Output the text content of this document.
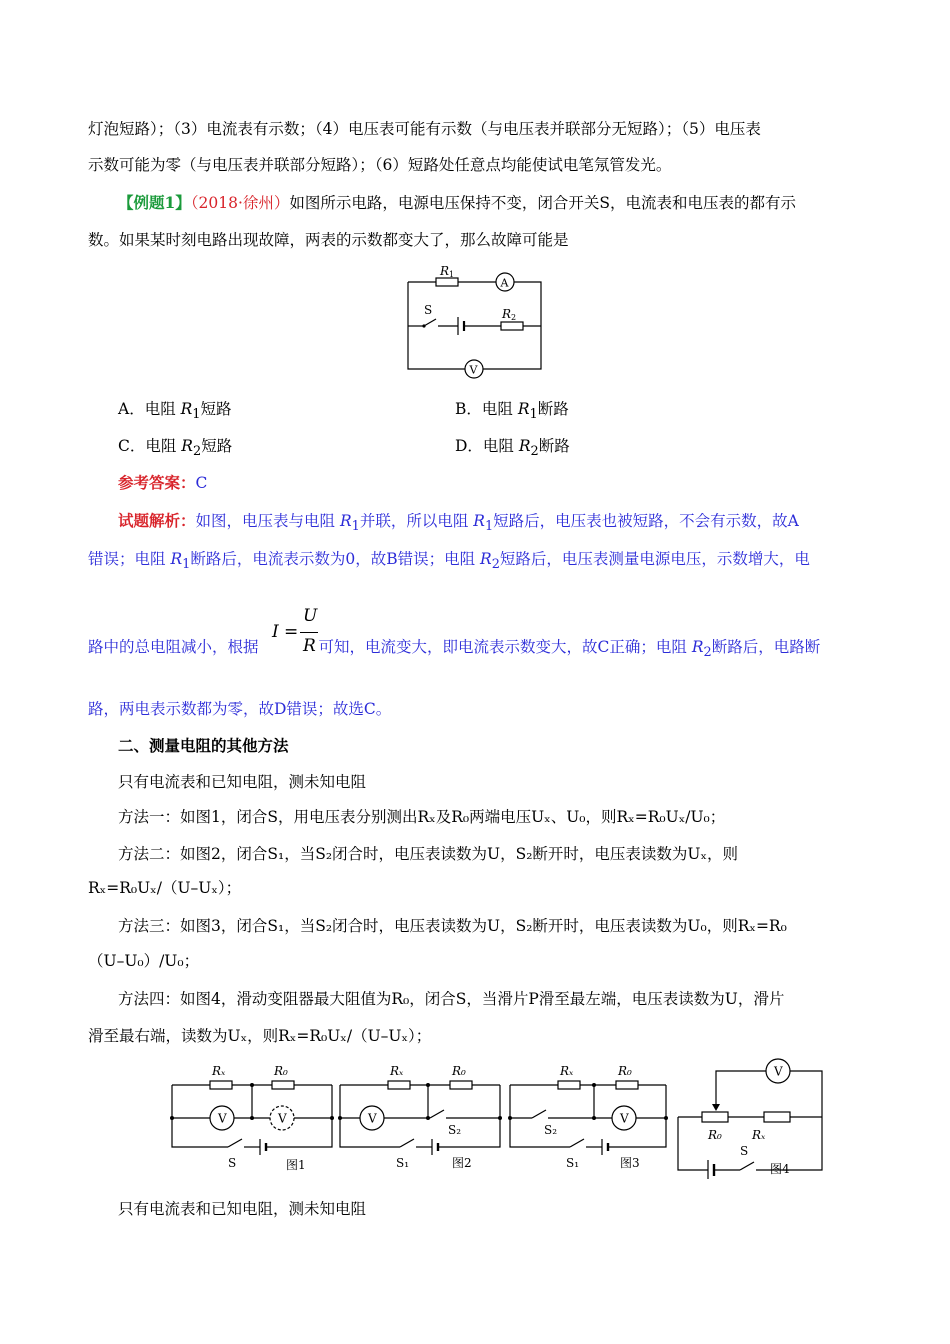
灯泡短路）；（3）电流表有示数；（4）电压表可能有示数（与电压表并联部分无短路）；（5）电压表
示数可能为零（与电压表并联部分短路）；（6）短路处任意点均能使试电笔氖管发光。
【例题1】（2018·徐州）如图所示电路，电源电压保持不变，闭合开关S，电流表和电压表的都有示
数。如果某时刻电路出现故障，两表的示数都变大了，那么故障可能是
R1
A
S	R2
V
A．电阻 $R_1$短路	B．电阻 $R_1$断路
C．电阻 $R_2$短路	D．电阻 $R_2$断路
参考答案：C
试题解析：如图，电压表与电阻 $R_1$并联，所以电阻 $R_1$短路后，电压表也被短路，不会有示数，故A
错误；电阻 $R_1$断路后，电流表示数为0，故B错误；电阻 $R_2$短路后，电压表测量电源电压，示数增大，电
路中的总电阻减小，根据	可知，电流变大，即电流表示数变大，故C正确；电阻 $R_2$断路后，电路断
I =
U
R
路，两电表示数都为零，故D错误；故选C。
二、测量电阻的其他方法
只有电流表和已知电阻，测未知电阻
方法一：如图1，闭合S，用电压表分别测出Rₓ及R₀两端电压Uₓ、U₀，则Rₓ=R₀Uₓ/U₀；
方法二：如图2，闭合S₁，当S₂闭合时，电压表读数为U，S₂断开时，电压表读数为Uₓ，则
Rₓ=R₀Uₓ/（U–Uₓ）；
方法三：如图3，闭合S₁，当S₂闭合时，电压表读数为U，S₂断开时，电压表读数为U₀，则Rₓ=R₀
（U–U₀）/U₀；
方法四：如图4，滑动变阻器最大阻值为R₀，闭合S，当滑片P滑至最左端，电压表读数为U，滑片
滑至最右端，读数为Uₓ，则Rₓ=R₀Uₓ/（U–Uₓ）；
Rₓ	R₀
V	V
S	图1
Rₓ	R₀
V
S₂
S₁	图2
Rₓ	R₀
S₂
V
S₁	图3
V
R₀	Rₓ
S
图4
只有电流表和已知电阻，测未知电阻
